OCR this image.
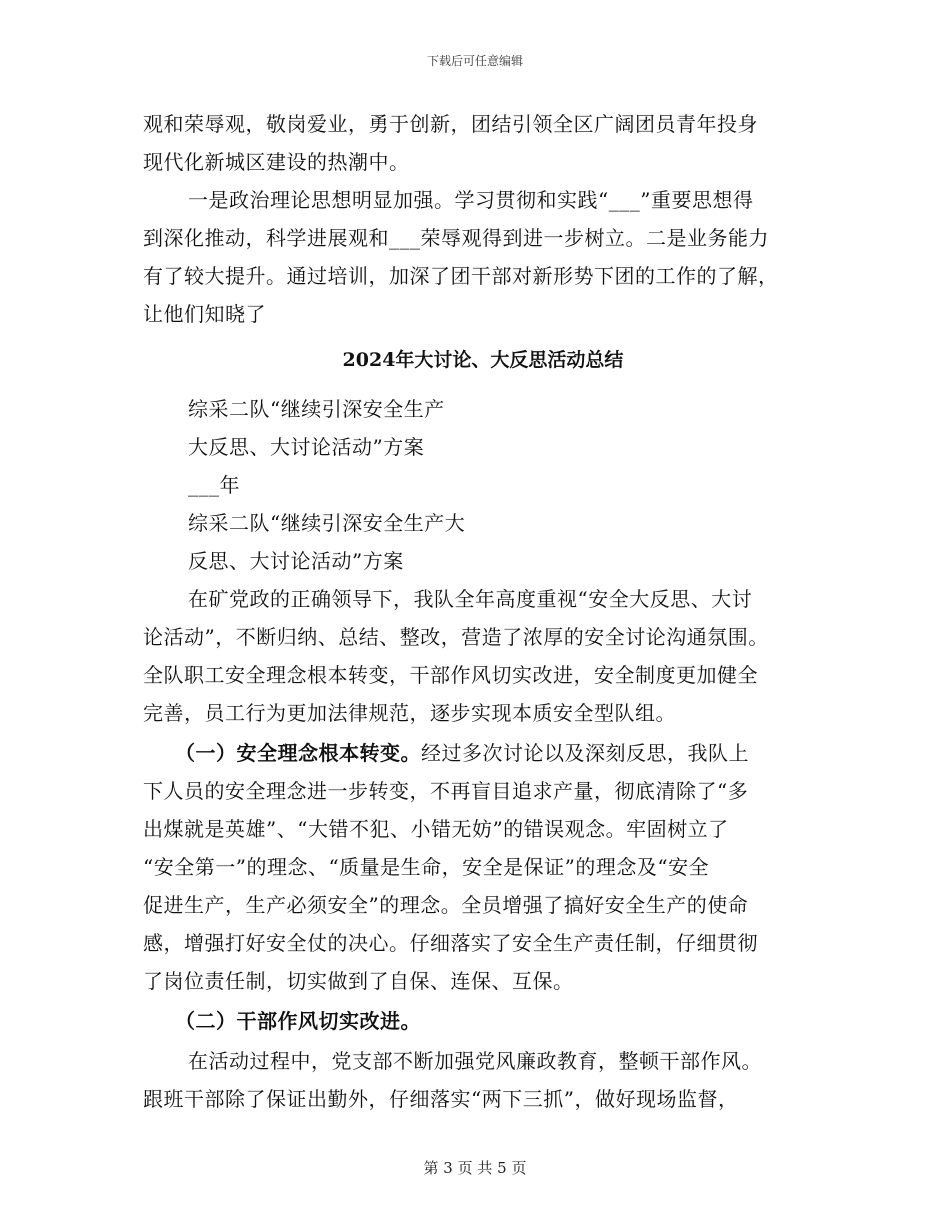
下载后可任意编辑
观和荣辱观，敬岗爱业，勇于创新，团结引领全区广阔团员青年投身
现代化新城区建设的热潮中。
一是政治理论思想明显加强。学习贯彻和实践“___”重要思想得
到深化推动，科学进展观和___荣辱观得到进一步树立。二是业务能力
有了较大提升。通过培训，加深了团干部对新形势下团的工作的了解，
让他们知晓了
2024年大讨论、大反思活动总结
综采二队“继续引深安全生产
大反思、大讨论活动”方案
___年
综采二队“继续引深安全生产大
反思、大讨论活动”方案
在矿党政的正确领导下，我队全年高度重视“安全大反思、大讨
论活动”，不断归纳、总结、整改，营造了浓厚的安全讨论沟通氛围。
全队职工安全理念根本转变，干部作风切实改进，安全制度更加健全
完善，员工行为更加法律规范，逐步实现本质安全型队组。
（一）安全理念根本转变。经过多次讨论以及深刻反思，我队上
下人员的安全理念进一步转变，不再盲目追求产量，彻底清除了“多
出煤就是英雄”、“大错不犯、小错无妨”的错误观念。牢固树立了
“安全第一”的理念、“质量是生命，安全是保证”的理念及“安全
促进生产，生产必须安全”的理念。全员增强了搞好安全生产的使命
感，增强打好安全仗的决心。仔细落实了安全生产责任制，仔细贯彻
了岗位责任制，切实做到了自保、连保、互保。
（二）干部作风切实改进。
在活动过程中，党支部不断加强党风廉政教育，整顿干部作风。
跟班干部除了保证出勤外，仔细落实“两下三抓”，做好现场监督，
第 3 页 共 5 页
